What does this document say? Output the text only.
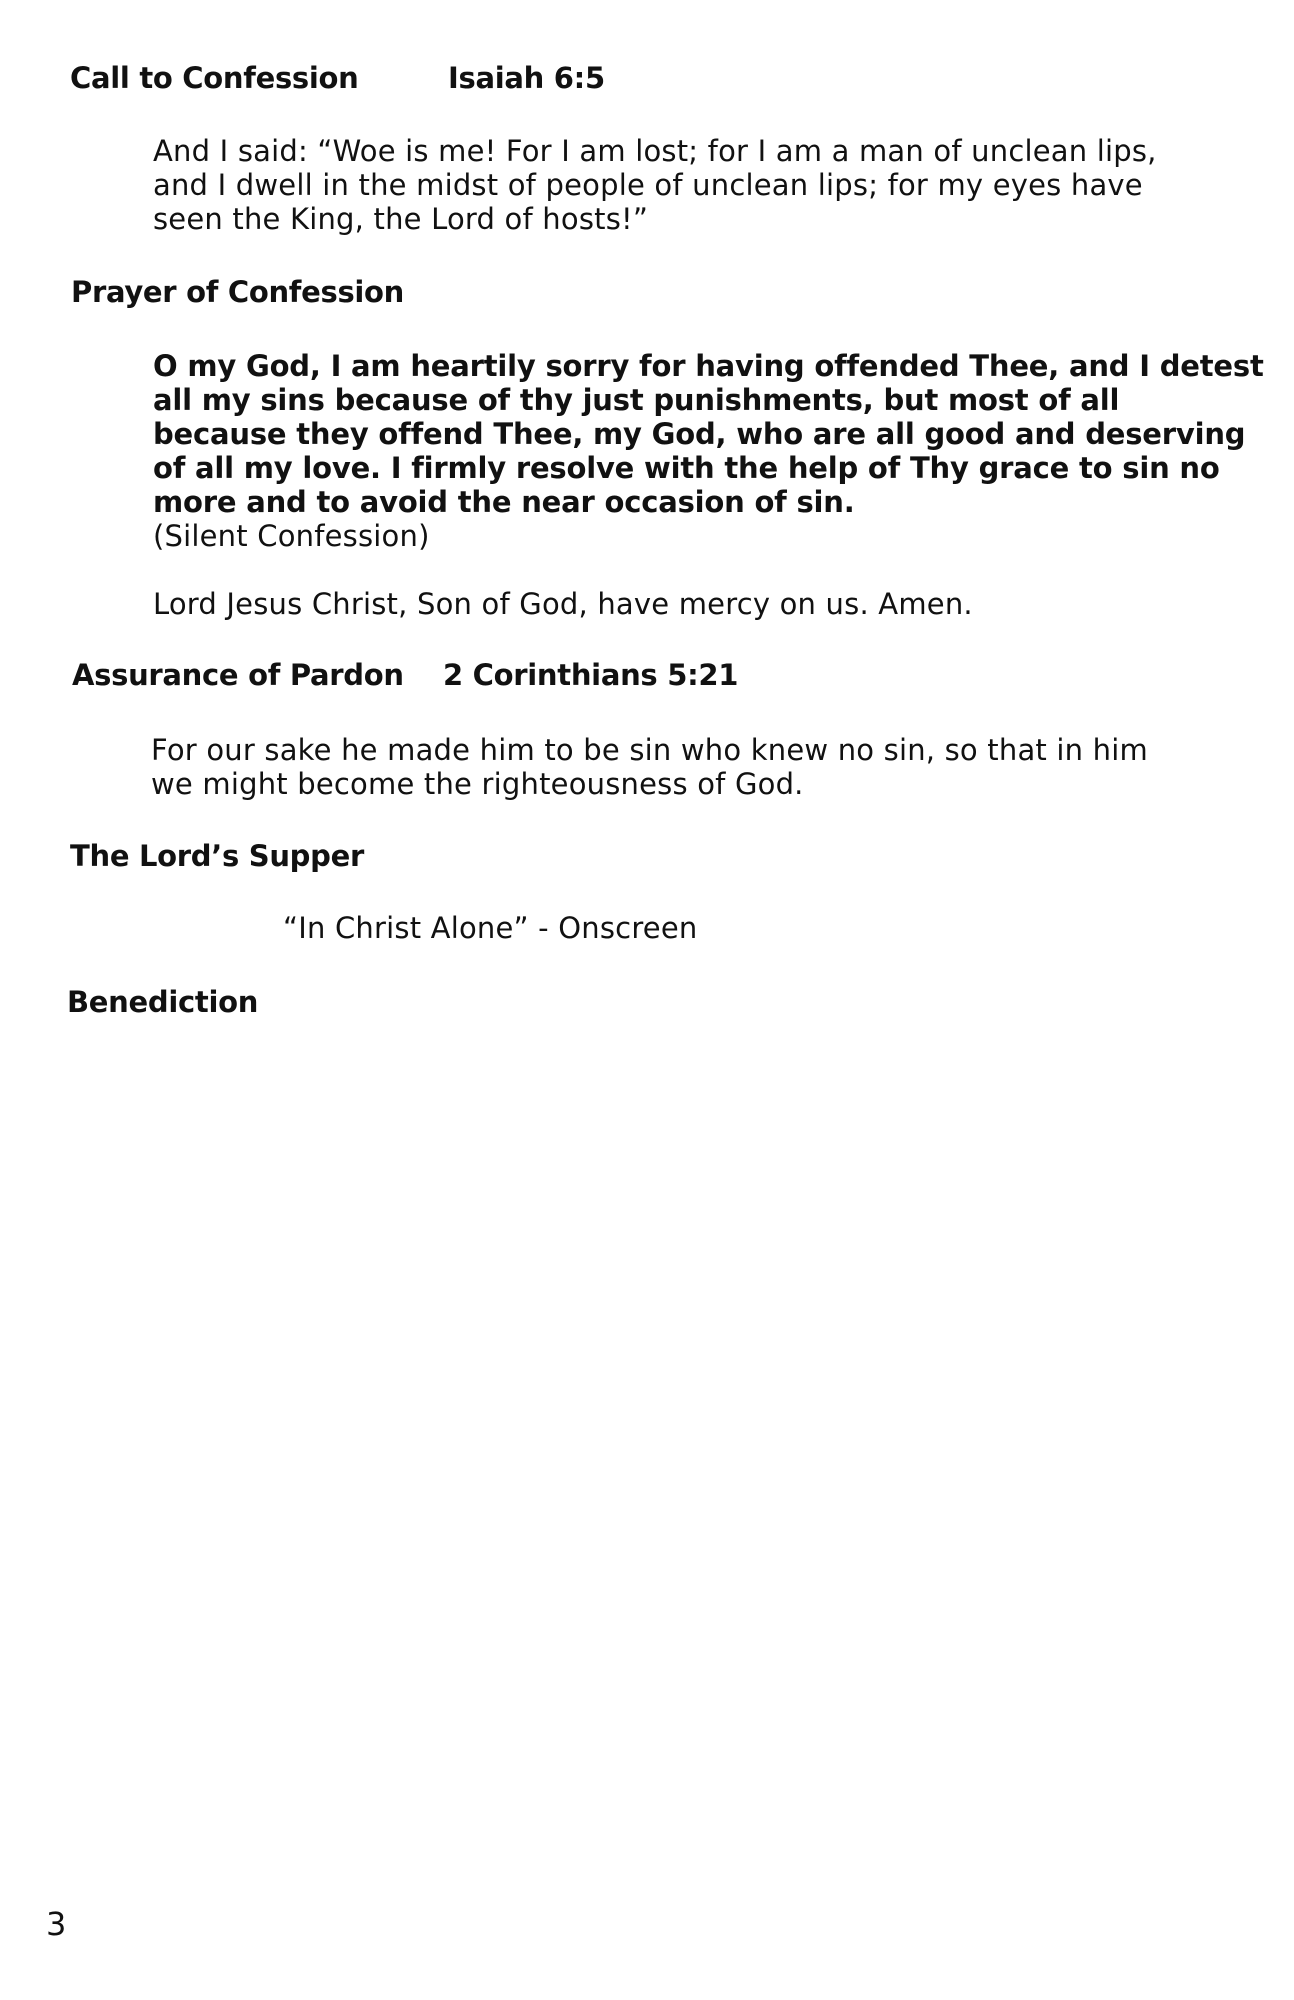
Call to Confession	Isaiah 6:5
And I said: “Woe is me! For I am lost; for I am a man of unclean lips,
and I dwell in the midst of people of unclean lips; for my eyes have
seen the King, the Lord of hosts!”
Prayer of Confession
O my God, I am heartily sorry for having offended Thee, and I detest
all my sins because of thy just punishments, but most of all
because they offend Thee, my God, who are all good and deserving
of all my love. I firmly resolve with the help of Thy grace to sin no
more and to avoid the near occasion of sin.
(Silent Confession)
Lord Jesus Christ, Son of God, have mercy on us. Amen.
Assurance of Pardon 2 Corinthians 5:21
For our sake he made him to be sin who knew no sin, so that in him
we might become the righteousness of God.
The Lord’s Supper
“In Christ Alone” - Onscreen
Benediction
3
